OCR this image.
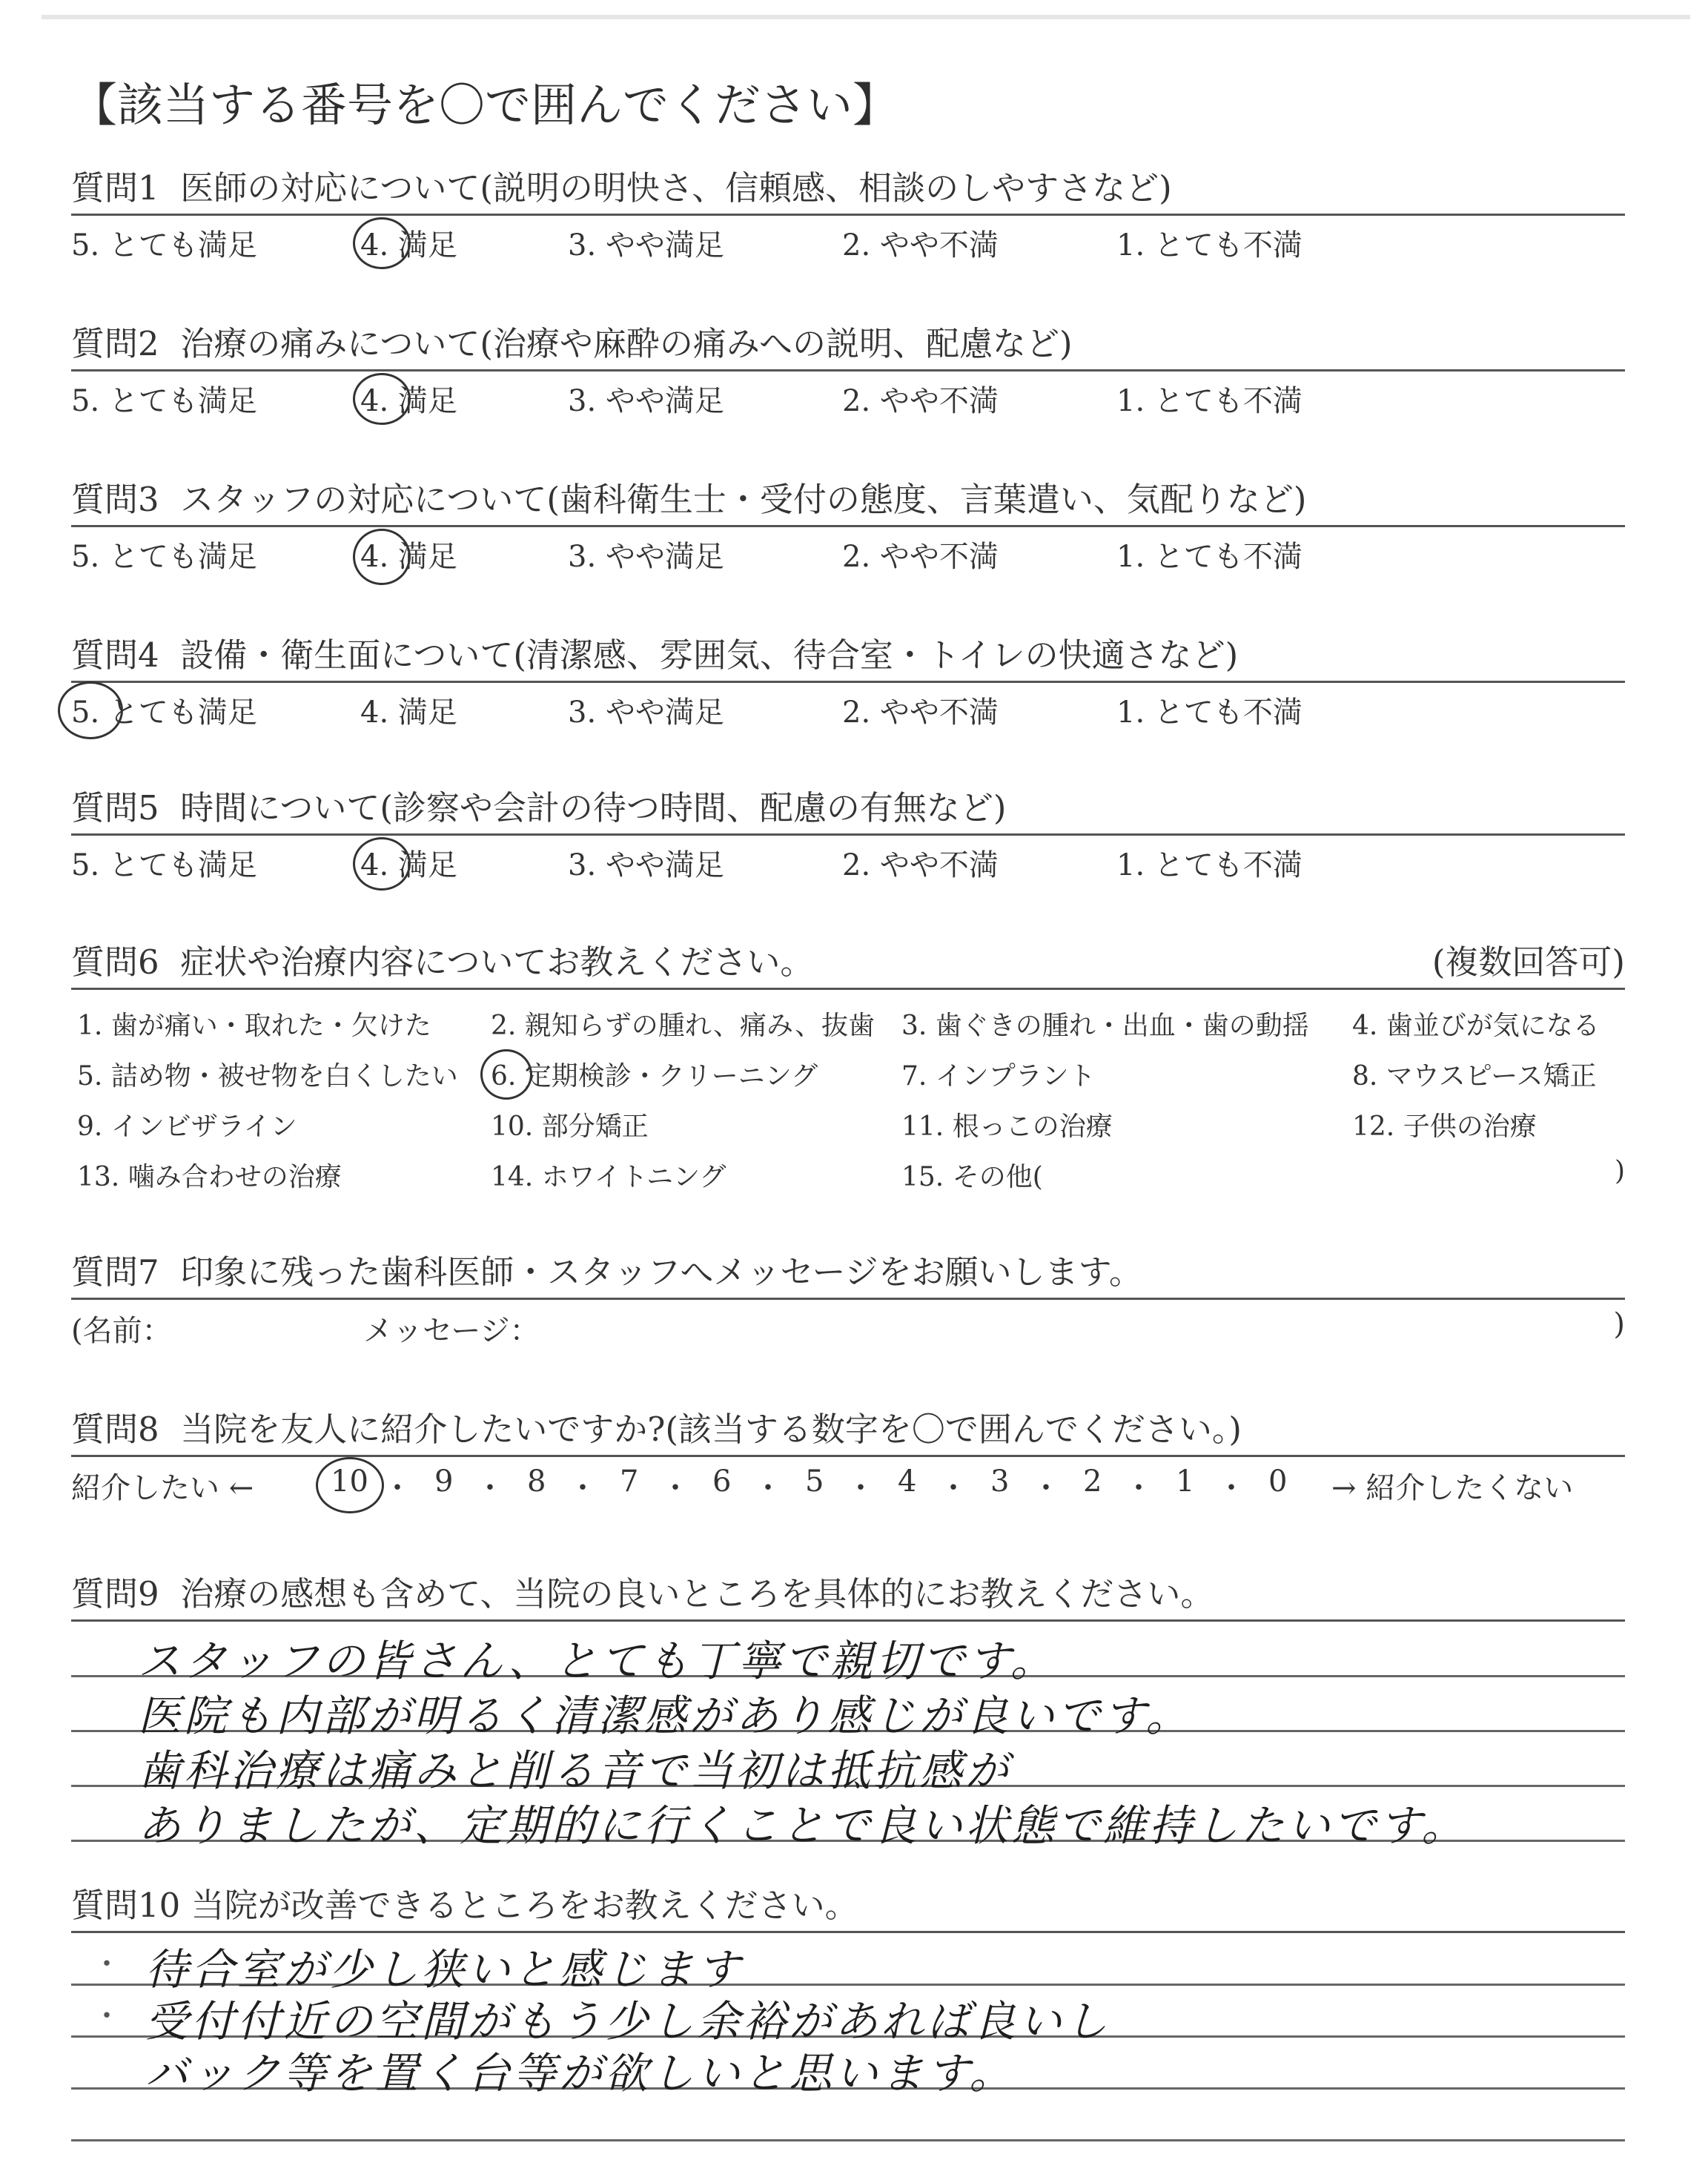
【該当する番号を〇で囲んでください】
質問1 医師の対応について(説明の明快さ、信頼感、相談のしやすさなど)
5. とても満足	4. 満足	3. やや満足	2. やや不満	1. とても不満
質問2 治療の痛みについて(治療や麻酔の痛みへの説明、配慮など)
5. とても満足	4. 満足	3. やや満足	2. やや不満	1. とても不満
質問3 スタッフの対応について(歯科衛生士・受付の態度、言葉遣い、気配りなど)
5. とても満足	4. 満足	3. やや満足	2. やや不満	1. とても不満
質問4 設備・衛生面について(清潔感、雰囲気、待合室・トイレの快適さなど)
5. とても満足	4. 満足	3. やや満足	2. やや不満	1. とても不満
質問5 時間について(診察や会計の待つ時間、配慮の有無など)
5. とても満足	4. 満足	3. やや満足	2. やや不満	1. とても不満
質問6 症状や治療内容についてお教えください。	(複数回答可)
1. 歯が痛い・取れた・欠けた 2. 親知らずの腫れ、痛み、抜歯 3. 歯ぐきの腫れ・出血・歯の動揺 4. 歯並びが気になる
5. 詰め物・被せ物を白くしたい 6. 定期検診・クリーニング	7. インプラント	8. マウスピース矯正
9. インビザライン	10. 部分矯正	11. 根っこの治療	12. 子供の治療
13. 噛み合わせの治療	14. ホワイトニング	15. その他(	)
質問7 印象に残った歯科医師・スタッフへメッセージをお願いします。
(名前：	メッセージ：	)
質問8 当院を友人に紹介したいですか?(該当する数字を〇で囲んでください。)
紹介したい ←	10 ・ 9 ・ 8 ・ 7 ・ 6 ・ 5 ・ 4 ・ 3 ・ 2 ・ 1 ・ 0 → 紹介したくない
質問9 治療の感想も含めて、当院の良いところを具体的にお教えください。
スタッフの皆さん、とても丁寧で親切です。
医院も内部が明るく清潔感があり感じが良いです。
歯科治療は痛みと削る音で当初は抵抗感が
ありましたが、定期的に行くことで良い状態で維持したいです。
質問10 当院が改善できるところをお教えください。
・
・
待合室が少し狭いと感じます
受付付近の空間がもう少し余裕があれば良いし
バック等を置く台等が欲しいと思います。
